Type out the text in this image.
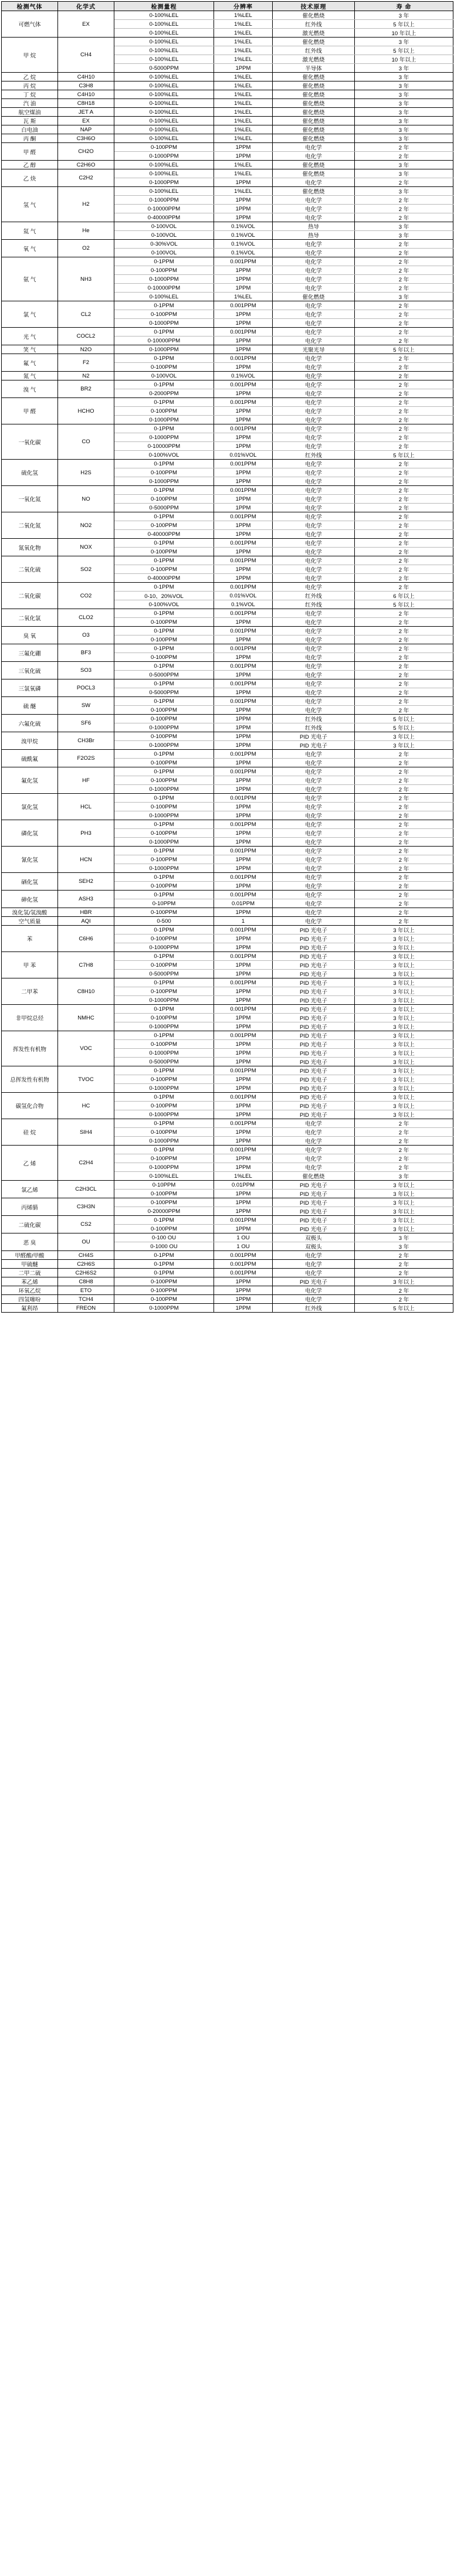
检测气体	化学式	检测量程	分辨率	技术原理	寿 命
可燃气体	EX	0-100%LEL	1%LEL	催化燃烧	3 年
		0-100%LEL	1%LEL	红外线	5 年以上
		0-100%LEL	1%LEL	激光燃烧	10 年以上
甲 烷	CH4	0-100%LEL	1%LEL	催化燃烧	3 年
		0-100%LEL	1%LEL	红外线	5 年以上
		0-100%LEL	1%LEL	激光燃烧	10 年以上
		0-5000PPM	1PPM	半导体	3 年
乙 烷	C4H10	0-100%LEL	1%LEL	催化燃烧	3 年
丙 烷	C3H8	0-100%LEL	1%LEL	催化燃烧	3 年
丁 烷	C4H10	0-100%LEL	1%LEL	催化燃烧	3 年
汽 油	C8H18	0-100%LEL	1%LEL	催化燃烧	3 年
航空煤油	JET A	0-100%LEL	1%LEL	催化燃烧	3 年
瓦 斯	EX	0-100%LEL	1%LEL	催化燃烧	3 年
白电油	NAP	0-100%LEL	1%LEL	催化燃烧	3 年
丙 酮	C3H6O	0-100%LEL	1%LEL	催化燃烧	3 年
甲 醛	CH2O	0-100PPM	1PPM	电化学	2 年
		0-1000PPM	1PPM	电化学	2 年
乙 醇	C2H6O	0-100%LEL	1%LEL	催化燃烧	3 年
乙 炔	C2H2	0-100%LEL	1%LEL	催化燃烧	3 年
		0-1000PPM	1PPM	电化学	2 年
氢 气	H2	0-100%LEL	1%LEL	催化燃烧	3 年
		0-1000PPM	1PPM	电化学	2 年
		0-10000PPM	1PPM	电化学	2 年
		0-40000PPM	1PPM	电化学	2 年
氦 气	He	0-100VOL	0.1%VOL	热导	3 年
		0-100VOL	0.1%VOL	热导	3 年
氧 气	O2	0-30%VOL	0.1%VOL	电化学	2 年
		0-100VOL	0.1%VOL	电化学	2 年
氨 气	NH3	0-1PPM	0.001PPM	电化学	2 年
		0-100PPM	1PPM	电化学	2 年
		0-1000PPM	1PPM	电化学	2 年
		0-10000PPM	1PPM	电化学	2 年
		0-100%LEL	1%LEL	催化燃烧	3 年
氯 气	CL2	0-1PPM	0.001PPM	电化学	2 年
		0-100PPM	1PPM	电化学	2 年
		0-1000PPM	1PPM	电化学	2 年
光 气	COCL2	0-1PPM	0.001PPM	电化学	2 年
		0-10000PPM	1PPM	电化学	2 年
笑 气	N2O	0-1000PPM	1PPM	光聚光导	5 年以上
氟 气	F2	0-1PPM	0.001PPM	电化学	2 年
		0-100PPM	1PPM	电化学	2 年
氮 气	N2	0-100VOL	0.1%VOL	电化学	2 年
溴 气	BR2	0-1PPM	0.001PPM	电化学	2 年
		0-2000PPM	1PPM	电化学	2 年
甲 醛	HCHO	0-1PPM	0.001PPM	电化学	2 年
		0-100PPM	1PPM	电化学	2 年
		0-1000PPM	1PPM	电化学	2 年
一氧化碳	CO	0-1PPM	0.001PPM	电化学	2 年
		0-1000PPM	1PPM	电化学	2 年
		0-10000PPM	1PPM	电化学	2 年
		0-100%VOL	0.01%VOL	红外线	5 年以上
硫化氢	H2S	0-1PPM	0.001PPM	电化学	2 年
		0-100PPM	1PPM	电化学	2 年
		0-1000PPM	1PPM	电化学	2 年
一氧化氮	NO	0-1PPM	0.001PPM	电化学	2 年
		0-100PPM	1PPM	电化学	2 年
		0-5000PPM	1PPM	电化学	2 年
二氧化氮	NO2	0-1PPM	0.001PPM	电化学	2 年
		0-100PPM	1PPM	电化学	2 年
		0-40000PPM	1PPM	电化学	2 年
氮氧化物	NOX	0-1PPM	0.001PPM	电化学	2 年
		0-100PPM	1PPM	电化学	2 年
二氧化硫	SO2	0-1PPM	0.001PPM	电化学	2 年
		0-100PPM	1PPM	电化学	2 年
		0-40000PPM	1PPM	电化学	2 年
二氧化碳	CO2	0-1PPM	0.001PPM	电化学	2 年
		0-10、20%VOL	0.01%VOL	红外线	6 年以上
		0-100%VOL	0.1%VOL	红外线	5 年以上
二氧化氯	CLO2	0-1PPM	0.001PPM	电化学	2 年
		0-100PPM	1PPM	电化学	2 年
臭 氧	O3	0-1PPM	0.001PPM	电化学	2 年
		0-100PPM	1PPM	电化学	2 年
三氟化硼	BF3	0-1PPM	0.001PPM	电化学	2 年
		0-100PPM	1PPM	电化学	2 年
三氧化硫	SO3	0-1PPM	0.001PPM	电化学	2 年
		0-5000PPM	1PPM	电化学	2 年
三氯氧磷	POCL3	0-1PPM	0.001PPM	电化学	2 年
		0-5000PPM	1PPM	电化学	2 年
硫 醚	SW	0-1PPM	0.001PPM	电化学	2 年
		0-100PPM	1PPM	电化学	2 年
六氟化硫	SF6	0-100PPM	1PPM	红外线	5 年以上
		0-1000PPM	1PPM	红外线	5 年以上
溴甲烷	CH3Br	0-100PPM	1PPM	PID 光电子	3 年以上
		0-1000PPM	1PPM	PID 光电子	3 年以上
硫酰氟	F2O2S	0-1PPM	0.001PPM	电化学	2 年
		0-100PPM	1PPM	电化学	2 年
氟化氢	HF	0-1PPM	0.001PPM	电化学	2 年
		0-100PPM	1PPM	电化学	2 年
		0-1000PPM	1PPM	电化学	2 年
氯化氢	HCL	0-1PPM	0.001PPM	电化学	2 年
		0-100PPM	1PPM	电化学	2 年
		0-1000PPM	1PPM	电化学	2 年
磷化氢	PH3	0-1PPM	0.001PPM	电化学	2 年
		0-100PPM	1PPM	电化学	2 年
		0-1000PPM	1PPM	电化学	2 年
氰化氢	HCN	0-1PPM	0.001PPM	电化学	2 年
		0-100PPM	1PPM	电化学	2 年
		0-1000PPM	1PPM	电化学	2 年
硒化氢	SEH2	0-1PPM	0.001PPM	电化学	2 年
		0-100PPM	1PPM	电化学	2 年
砷化氢	ASH3	0-1PPM	0.001PPM	电化学	2 年
		0-10PPM	0.01PPM	电化学	2 年
溴化氢/氢溴酸	HBR	0-100PPM	1PPM	电化学	2 年
空气质量	AQI	0-500	1	电化学	2 年
苯	C6H6	0-1PPM	0.001PPM	PID 光电子	3 年以上
		0-100PPM	1PPM	PID 光电子	3 年以上
		0-1000PPM	1PPM	PID 光电子	3 年以上
甲 苯	C7H8	0-1PPM	0.001PPM	PID 光电子	3 年以上
		0-100PPM	1PPM	PID 光电子	3 年以上
		0-5000PPM	1PPM	PID 光电子	3 年以上
二甲苯	C8H10	0-1PPM	0.001PPM	PID 光电子	3 年以上
		0-100PPM	1PPM	PID 光电子	3 年以上
		0-1000PPM	1PPM	PID 光电子	3 年以上
非甲烷总烃	NMHC	0-1PPM	0.001PPM	PID 光电子	3 年以上
		0-100PPM	1PPM	PID 光电子	3 年以上
		0-1000PPM	1PPM	PID 光电子	3 年以上
挥发性有机物	VOC	0-1PPM	0.001PPM	PID 光电子	3 年以上
		0-100PPM	1PPM	PID 光电子	3 年以上
		0-1000PPM	1PPM	PID 光电子	3 年以上
		0-5000PPM	1PPM	PID 光电子	3 年以上
总挥发性有机物	TVOC	0-1PPM	0.001PPM	PID 光电子	3 年以上
		0-100PPM	1PPM	PID 光电子	3 年以上
		0-1000PPM	1PPM	PID 光电子	3 年以上
碳氢化合物	HC	0-1PPM	0.001PPM	PID 光电子	3 年以上
		0-100PPM	1PPM	PID 光电子	3 年以上
		0-1000PPM	1PPM	PID 光电子	3 年以上
硅 烷	SIH4	0-1PPM	0.001PPM	电化学	2 年
		0-100PPM	1PPM	电化学	2 年
		0-1000PPM	1PPM	电化学	2 年
乙 烯	C2H4	0-1PPM	0.001PPM	电化学	2 年
		0-100PPM	1PPM	电化学	2 年
		0-1000PPM	1PPM	电化学	2 年
		0-100%LEL	1%LEL	催化燃烧	3 年
氯乙烯	C2H3CL	0-10PPM	0.01PPM	PID 光电子	3 年以上
		0-100PPM	1PPM	PID 光电子	3 年以上
丙烯腈	C3H3N	0-100PPM	1PPM	PID 光电子	3 年以上
		0-20000PPM	1PPM	PID 光电子	3 年以上
二硫化碳	CS2	0-1PPM	0.001PPM	PID 光电子	3 年以上
		0-100PPM	1PPM	PID 光电子	3 年以上
恶 臭	OU	0-100 OU	1 OU	双极头	3 年
		0-1000 OU	1 OU	双极头	3 年
甲醛酸/甲酸	CH4S	0-1PPM	0.001PPM	电化学	2 年
甲硫醚	C2H6S	0-1PPM	0.001PPM	电化学	2 年
二甲二硫	C2H6S2	0-1PPM	0.001PPM	电化学	2 年
苯乙烯	C8H8	0-100PPM	1PPM	PID 光电子	3 年以上
环氧乙烷	ETO	0-100PPM	1PPM	电化学	2 年
四氢噻吩	TCH4	0-100PPM	1PPM	电化学	2 年
氟利昂	FREON	0-1000PPM	1PPM	红外线	5 年以上
